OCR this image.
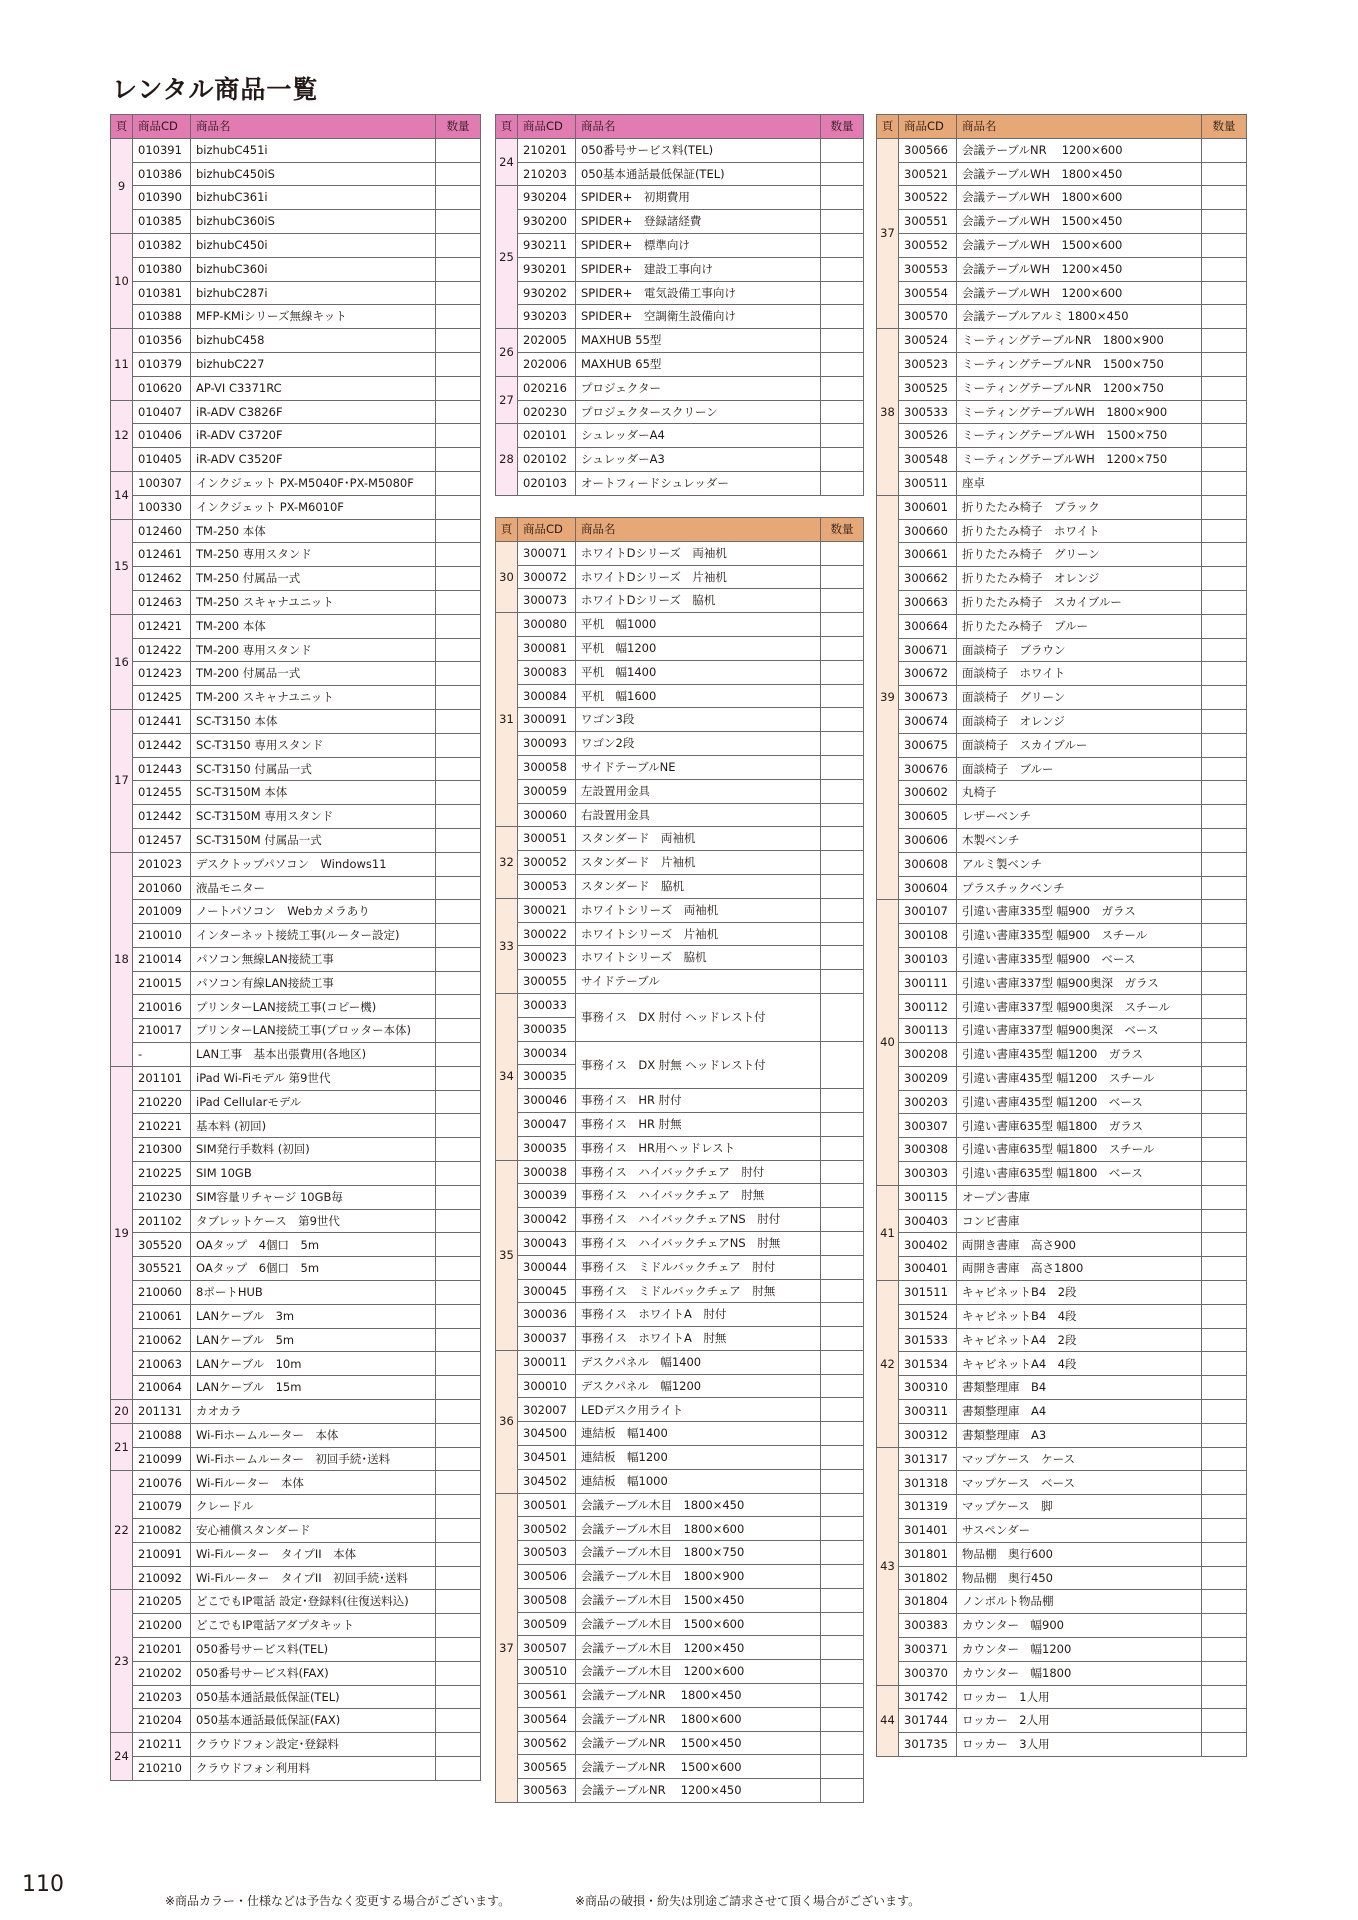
レンタル商品一覧
頁	商品CD	商品名	数量
9	010391	bizhubC451i	
	010386	bizhubC450iS	
	010390	bizhubC361i	
	010385	bizhubC360iS	
10	010382	bizhubC450i	
	010380	bizhubC360i	
	010381	bizhubC287i	
	010388	MFP-KMiシリーズ無線キット	
11	010356	bizhubC458	
	010379	bizhubC227	
	010620	AP-VI C3371RC	
12	010407	iR-ADV C3826F	
	010406	iR-ADV C3720F	
	010405	iR-ADV C3520F	
14	100307	インクジェット PX-M5040F･PX-M5080F	
	100330	インクジェット PX-M6010F	
15	012460	TM-250 本体	
	012461	TM-250 専用スタンド	
	012462	TM-250 付属品一式	
	012463	TM-250 スキャナユニット	
16	012421	TM-200 本体	
	012422	TM-200 専用スタンド	
	012423	TM-200 付属品一式	
	012425	TM-200 スキャナユニット	
17	012441	SC-T3150 本体	
	012442	SC-T3150 専用スタンド	
	012443	SC-T3150 付属品一式	
	012455	SC-T3150M 本体	
	012442	SC-T3150M 専用スタンド	
	012457	SC-T3150M 付属品一式	
18	201023	デスクトップパソコン　Windows11	
	201060	液晶モニター	
	201009	ノートパソコン　Webカメラあり	
	210010	インターネット接続工事(ルーター設定)	
	210014	パソコン無線LAN接続工事	
	210015	パソコン有線LAN接続工事	
	210016	プリンターLAN接続工事(コピー機)	
	210017	プリンターLAN接続工事(プロッター本体)	
	-	LAN工事　基本出張費用(各地区)	
19	201101	iPad Wi-Fiモデル 第9世代	
	210220	iPad Cellularモデル	
	210221	基本料 (初回)	
	210300	SIM発行手数料 (初回)	
	210225	SIM 10GB	
	210230	SIM容量リチャージ 10GB毎	
	201102	タブレットケース　第9世代	
	305520	OAタップ　4個口　5m	
	305521	OAタップ　6個口　5m	
	210060	8ポートHUB	
	210061	LANケーブル　3m	
	210062	LANケーブル　5m	
	210063	LANケーブル　10m	
	210064	LANケーブル　15m	
20	201131	カオカラ	
21	210088	Wi-Fiホームルーター　本体	
	210099	Wi-Fiホームルーター　初回手続･送料	
22	210076	Wi-Fiルーター　本体	
	210079	クレードル	
	210082	安心補償スタンダード	
	210091	Wi-Fiルーター　タイプII　本体	
	210092	Wi-Fiルーター　タイプII　初回手続･送料	
23	210205	どこでもIP電話 設定･登録料(往復送料込)	
	210200	どこでもIP電話アダプタキット	
	210201	050番号サービス料(TEL)	
	210202	050番号サービス料(FAX)	
	210203	050基本通話最低保証(TEL)	
	210204	050基本通話最低保証(FAX)	
24	210211	クラウドフォン設定･登録料	
	210210	クラウドフォン利用料	
頁	商品CD	商品名	数量
24	210201	050番号サービス料(TEL)	
	210203	050基本通話最低保証(TEL)	
25	930204	SPIDER+　初期費用	
	930200	SPIDER+　登録諸経費	
	930211	SPIDER+　標準向け	
	930201	SPIDER+　建設工事向け	
	930202	SPIDER+　電気設備工事向け	
	930203	SPIDER+　空調衛生設備向け	
26	202005	MAXHUB 55型	
	202006	MAXHUB 65型	
27	020216	プロジェクター	
	020230	プロジェクタースクリーン	
28	020101	シュレッダーA4	
	020102	シュレッダーA3	
	020103	オートフィードシュレッダー	
頁	商品CD	商品名	数量
30	300071	ホワイトDシリーズ　両袖机	
	300072	ホワイトDシリーズ　片袖机	
	300073	ホワイトDシリーズ　脇机	
31	300080	平机　幅1000	
	300081	平机　幅1200	
	300083	平机　幅1400	
	300084	平机　幅1600	
	300091	ワゴン3段	
	300093	ワゴン2段	
	300058	サイドテーブルNE	
	300059	左設置用金具	
	300060	右設置用金具	
32	300051	スタンダード　両袖机	
	300052	スタンダード　片袖机	
	300053	スタンダード　脇机	
33	300021	ホワイトシリーズ　両袖机	
	300022	ホワイトシリーズ　片袖机	
	300023	ホワイトシリーズ　脇机	
	300055	サイドテーブル	
34	300033	事務イス　DX 肘付 ヘッドレスト付	
	300035		
	300034	事務イス　DX 肘無 ヘッドレスト付	
	300035		
	300046	事務イス　HR 肘付	
	300047	事務イス　HR 肘無	
	300035	事務イス　HR用ヘッドレスト	
35	300038	事務イス　ハイバックチェア　肘付	
	300039	事務イス　ハイバックチェア　肘無	
	300042	事務イス　ハイバックチェアNS　肘付	
	300043	事務イス　ハイバックチェアNS　肘無	
	300044	事務イス　ミドルバックチェア　肘付	
	300045	事務イス　ミドルバックチェア　肘無	
	300036	事務イス　ホワイトA　肘付	
	300037	事務イス　ホワイトA　肘無	
36	300011	デスクパネル　幅1400	
	300010	デスクパネル　幅1200	
	302007	LEDデスク用ライト	
	304500	連結板　幅1400	
	304501	連結板　幅1200	
	304502	連結板　幅1000	
37	300501	会議テーブル木目　1800×450	
	300502	会議テーブル木目　1800×600	
	300503	会議テーブル木目　1800×750	
	300506	会議テーブル木目　1800×900	
	300508	会議テーブル木目　1500×450	
	300509	会議テーブル木目　1500×600	
	300507	会議テーブル木目　1200×450	
	300510	会議テーブル木目　1200×600	
	300561	会議テーブルNR　 1800×450	
	300564	会議テーブルNR　 1800×600	
	300562	会議テーブルNR　 1500×450	
	300565	会議テーブルNR　 1500×600	
	300563	会議テーブルNR　 1200×450	
頁	商品CD	商品名	数量
37	300566	会議テーブルNR　 1200×600	
	300521	会議テーブルWH　1800×450	
	300522	会議テーブルWH　1800×600	
	300551	会議テーブルWH　1500×450	
	300552	会議テーブルWH　1500×600	
	300553	会議テーブルWH　1200×450	
	300554	会議テーブルWH　1200×600	
	300570	会議テーブルアルミ 1800×450	
38	300524	ミーティングテーブルNR　1800×900	
	300523	ミーティングテーブルNR　1500×750	
	300525	ミーティングテーブルNR　1200×750	
	300533	ミーティングテーブルWH　1800×900	
	300526	ミーティングテーブルWH　1500×750	
	300548	ミーティングテーブルWH　1200×750	
	300511	座卓	
39	300601	折りたたみ椅子　ブラック	
	300660	折りたたみ椅子　ホワイト	
	300661	折りたたみ椅子　グリーン	
	300662	折りたたみ椅子　オレンジ	
	300663	折りたたみ椅子　スカイブルー	
	300664	折りたたみ椅子　ブルー	
	300671	面談椅子　ブラウン	
	300672	面談椅子　ホワイト	
	300673	面談椅子　グリーン	
	300674	面談椅子　オレンジ	
	300675	面談椅子　スカイブルー	
	300676	面談椅子　ブルー	
	300602	丸椅子	
	300605	レザーベンチ	
	300606	木製ベンチ	
	300608	アルミ製ベンチ	
	300604	プラスチックベンチ	
40	300107	引違い書庫335型 幅900　ガラス	
	300108	引違い書庫335型 幅900　スチール	
	300103	引違い書庫335型 幅900　ベース	
	300111	引違い書庫337型 幅900奥深　ガラス	
	300112	引違い書庫337型 幅900奥深　スチール	
	300113	引違い書庫337型 幅900奥深　ベース	
	300208	引違い書庫435型 幅1200　ガラス	
	300209	引違い書庫435型 幅1200　スチール	
	300203	引違い書庫435型 幅1200　ベース	
	300307	引違い書庫635型 幅1800　ガラス	
	300308	引違い書庫635型 幅1800　スチール	
	300303	引違い書庫635型 幅1800　ベース	
41	300115	オープン書庫	
	300403	コンビ書庫	
	300402	両開き書庫　高さ900	
	300401	両開き書庫　高さ1800	
42	301511	キャビネットB4　2段	
	301524	キャビネットB4　4段	
	301533	キャビネットA4　2段	
	301534	キャビネットA4　4段	
	300310	書類整理庫　B4	
	300311	書類整理庫　A4	
	300312	書類整理庫　A3	
43	301317	マップケース　ケース	
	301318	マップケース　ベース	
	301319	マップケース　脚	
	301401	サスペンダー	
	301801	物品棚　奥行600	
	301802	物品棚　奥行450	
	301804	ノンボルト物品棚	
	300383	カウンター　幅900	
	300371	カウンター　幅1200	
	300370	カウンター　幅1800	
44	301742	ロッカー　1人用	
	301744	ロッカー　2人用	
	301735	ロッカー　3人用	
110
※商品カラー・仕様などは予告なく変更する場合がございます。	※商品の破損・紛失は別途ご請求させて頂く場合がございます。
